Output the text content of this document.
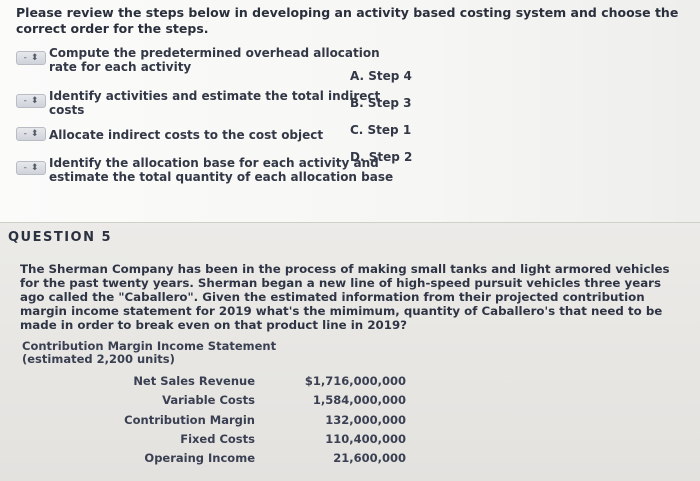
Please review the steps below in developing an activity based costing system and choose the correct order for the steps.
- ⬍ Compute the predetermined overhead allocation
rate for each activity
- ⬍ Identify activities and estimate the total indirect
costs
- ⬍ Allocate indirect costs to the cost object
- ⬍ Identify the allocation base for each activity and
estimate the total quantity of each allocation base
A. Step 4
B. Step 3
C. Step 1
D. Step 2
QUESTION 5
The Sherman Company has been in the process of making small tanks and light armored vehicles for the past twenty years. Sherman began a new line of high-speed pursuit vehicles three years ago called the "Caballero". Given the estimated information from their projected contribution margin income statement for 2019 what's the mimimum, quantity of Caballero's that need to be made in order to break even on that product line in 2019?
Contribution Margin Income Statement
(estimated 2,200 units)
Net Sales Revenue	$1,716,000,000
Variable Costs	1,584,000,000
Contribution Margin	132,000,000
Fixed Costs	110,400,000
Operaing Income	21,600,000
